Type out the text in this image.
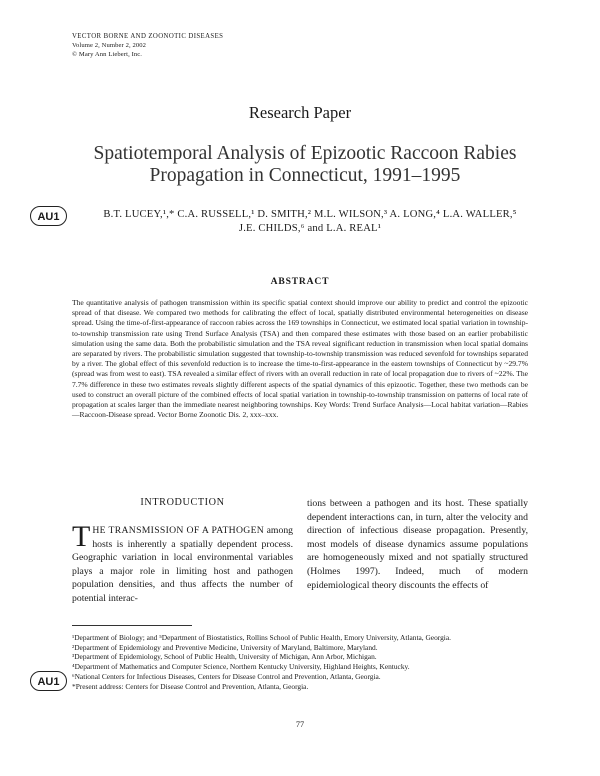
VECTOR BORNE AND ZOONOTIC DISEASES
Volume 2, Number 2, 2002
© Mary Ann Liebert, Inc.
Research Paper
Spatiotemporal Analysis of Epizootic Raccoon Rabies
Propagation in Connecticut, 1991–1995
AU1	B.T. LUCEY,¹,* C.A. RUSSELL,¹ D. SMITH,² M.L. WILSON,³ A. LONG,⁴ L.A. WALLER,⁵
J.E. CHILDS,⁶ and L.A. REAL¹
ABSTRACT
The quantitative analysis of pathogen transmission within its specific spatial context should improve our ability to predict and control the epizootic spread of that disease. We compared two methods for calibrating the effect of local, spatially distributed environmental heterogeneities on disease spread. Using the time-of-first-appearance of raccoon rabies across the 169 townships in Connecticut, we estimated local spatial variation in township-to-township transmission rate using Trend Surface Analysis (TSA) and then compared these estimates with those based on an earlier probabilistic simulation using the same data. Both the probabilistic simulation and the TSA reveal significant reduction in transmission when local spatial domains are separated by rivers. The probabilistic simulation suggested that township-to-township transmission was reduced sevenfold for townships separated by a river. The global effect of this sevenfold reduction is to increase the time-to-first-appearance in the eastern townships of Connecticut by ~29.7% (spread was from west to east). TSA revealed a similar effect of rivers with an overall reduction in rate of local propagation due to rivers of ~22%. The 7.7% difference in these two estimates reveals slightly different aspects of the spatial dynamics of this epizootic. Together, these two methods can be used to construct an overall picture of the combined effects of local spatial variation in township-to-township transmission on patterns of local rate of propagation at scales larger than the immediate nearest neighboring townships. Key Words: Trend Surface Analysis—Local habitat variation—Rabies—Raccoon-Disease spread. Vector Borne Zoonotic Dis. 2, xxx–xxx.
INTRODUCTION
THE TRANSMISSION OF A PATHOGEN among hosts is inherently a spatially dependent process. Geographic variation in local environmental variables plays a major role in limiting host and pathogen population densities, and thus affects the number of potential interac-
tions between a pathogen and its host. These spatially dependent interactions can, in turn, alter the velocity and direction of infectious disease propagation. Presently, most models of disease dynamics assume populations are homogeneously mixed and not spatially structured (Holmes 1997). Indeed, much of modern epidemiological theory discounts the effects of
AU1
¹Department of Biology; and ⁵Department of Biostatistics, Rollins School of Public Health, Emory University, Atlanta, Georgia.
²Department of Epidemiology and Preventive Medicine, University of Maryland, Baltimore, Maryland.
³Department of Epidemiology, School of Public Health, University of Michigan, Ann Arbor, Michigan.
⁴Department of Mathematics and Computer Science, Northern Kentucky University, Highland Heights, Kentucky.
⁶National Centers for Infectious Diseases, Centers for Disease Control and Prevention, Atlanta, Georgia.
*Present address: Centers for Disease Control and Prevention, Atlanta, Georgia.
77
